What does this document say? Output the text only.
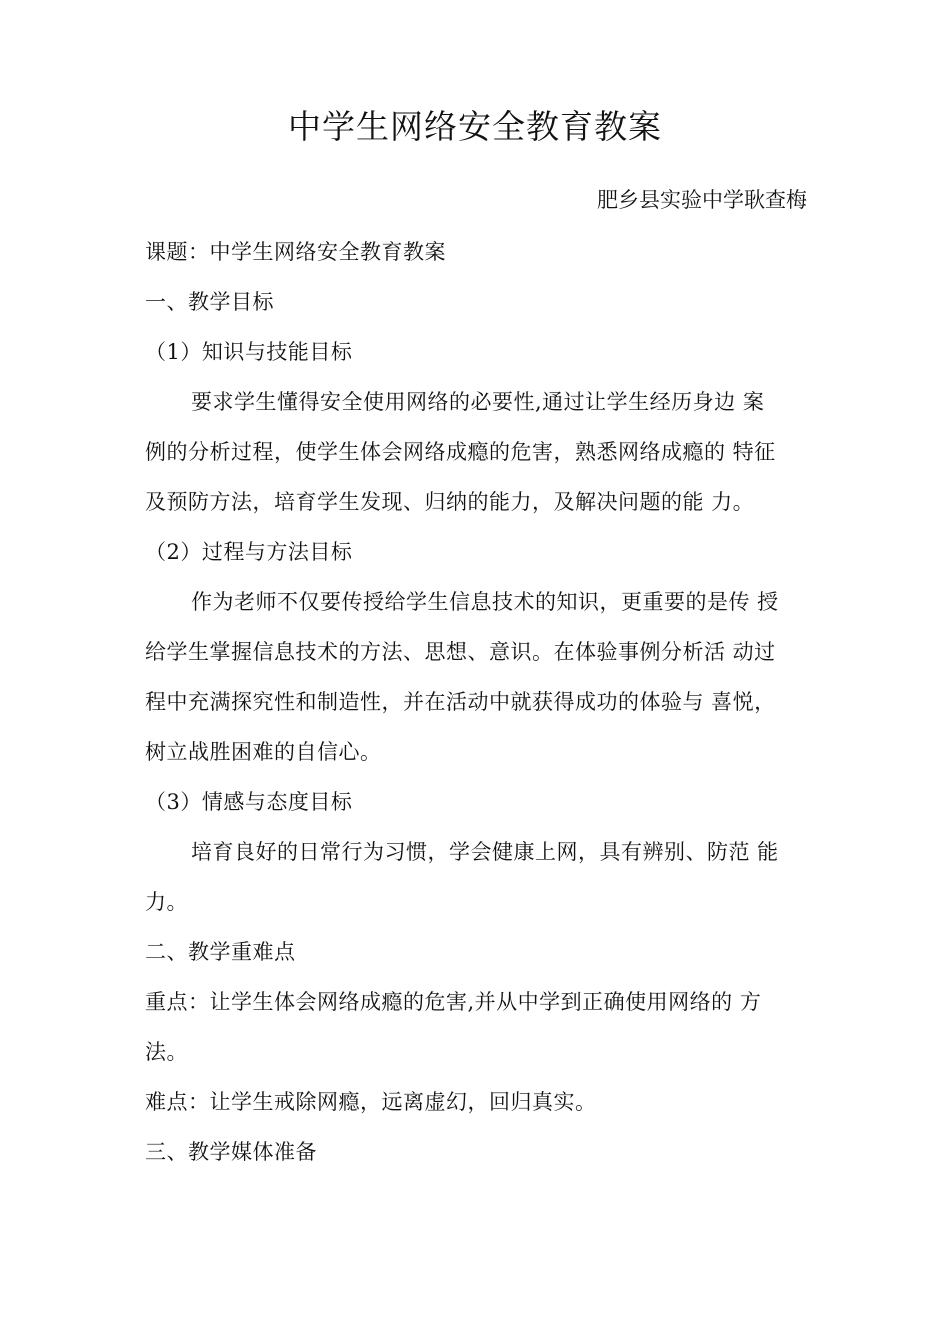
中学生网络安全教育教案
肥乡县实验中学耿查梅
课题：中学生网络安全教育教案
一、教学目标
（1）知识与技能目标
要求学生懂得安全使用网络的必要性,通过让学生经历身边 案
例的分析过程，使学生体会网络成瘾的危害，熟悉网络成瘾的 特征
及预防方法，培育学生发现、归纳的能力，及解决问题的能 力。
（2）过程与方法目标
作为老师不仅要传授给学生信息技术的知识，更重要的是传 授
给学生掌握信息技术的方法、思想、意识。在体验事例分析活 动过
程中充满探究性和制造性，并在活动中就获得成功的体验与 喜悦，
树立战胜困难的自信心。
（3）情感与态度目标
培育良好的日常行为习惯，学会健康上网，具有辨别、防范 能
力。
二、教学重难点
重点：让学生体会网络成瘾的危害,并从中学到正确使用网络的 方
法。
难点：让学生戒除网瘾，远离虚幻，回归真实。
三、教学媒体准备
